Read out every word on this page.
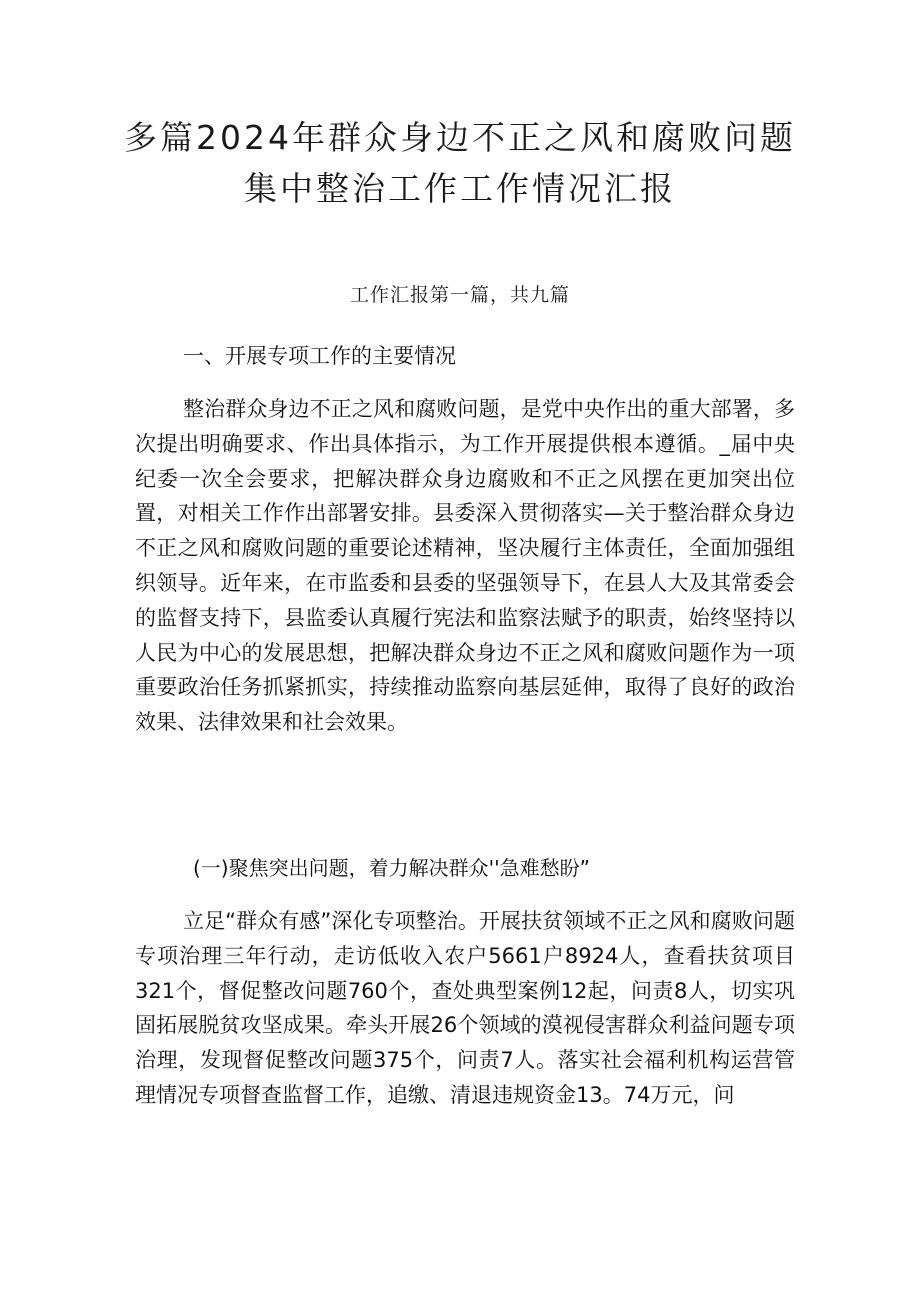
多篇2024年群众身边不正之风和腐败问题
集中整治工作工作情况汇报
工作汇报第一篇，共九篇
一、开展专项工作的主要情况

整治群众身边不正之风和腐败问题，是党中央作出的重大部署，多次提出明确要求、作出具体指示，为工作开展提供根本遵循。_届中央纪委一次全会要求，把解决群众身边腐败和不正之风摆在更加突出位置，对相关工作作出部署安排。县委深入贯彻落实—关于整治群众身边不正之风和腐败问题的重要论述精神，坚决履行主体责任，全面加强组织领导。近年来，在市监委和县委的坚强领导下，在县人大及其常委会的监督支持下，县监委认真履行宪法和监察法赋予的职责，始终坚持以人民为中心的发展思想，把解决群众身边不正之风和腐败问题作为一项重要政治任务抓紧抓实，持续推动监察向基层延伸，取得了良好的政治效果、法律效果和社会效果。

(一)聚焦突出问题，着力解决群众''急难愁盼”

立足“群众有感”深化专项整治。开展扶贫领域不正之风和腐败问题专项治理三年行动，走访低收入农户5661户8924人，查看扶贫项目321个，督促整改问题760个，查处典型案例12起，问责8人，切实巩固拓展脱贫攻坚成果。牵头开展26个领域的漠视侵害群众利益问题专项治理，发现督促整改问题375个，问责7人。落实社会福利机构运营管理情况专项督查监督工作，追缴、清退违规资金13。74万元，问
